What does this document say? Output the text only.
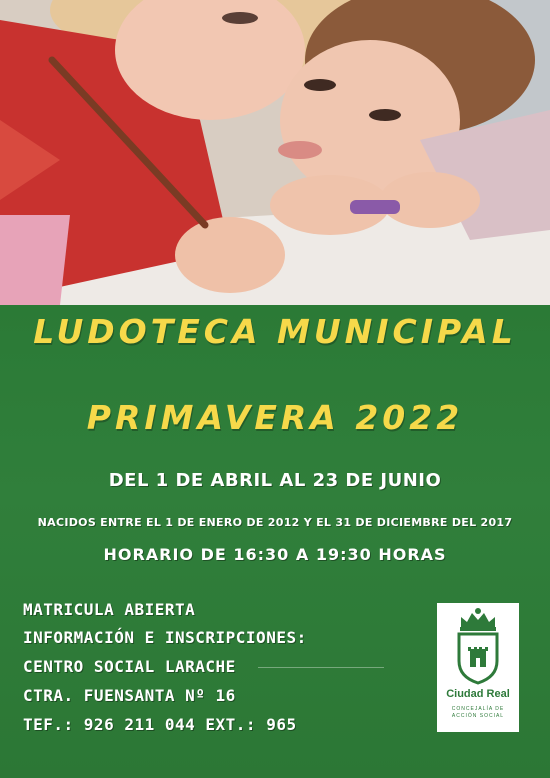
LUDOTECA MUNICIPAL
PRIMAVERA 2022
DEL 1 DE ABRIL AL 23 DE JUNIO
NACIDOS ENTRE EL 1 DE ENERO DE 2012 Y EL 31 DE DICIEMBRE DEL 2017
HORARIO DE 16:30 A 19:30 HORAS
MATRICULA ABIERTA
INFORMACIÓN E INSCRIPCIONES:
CENTRO SOCIAL LARACHE
CTRA. FUENSANTA Nº 16
TEF.: 926 211 044 EXT.: 965
Ciudad Real
CONCEJALÍA DE ACCIÓN SOCIAL
